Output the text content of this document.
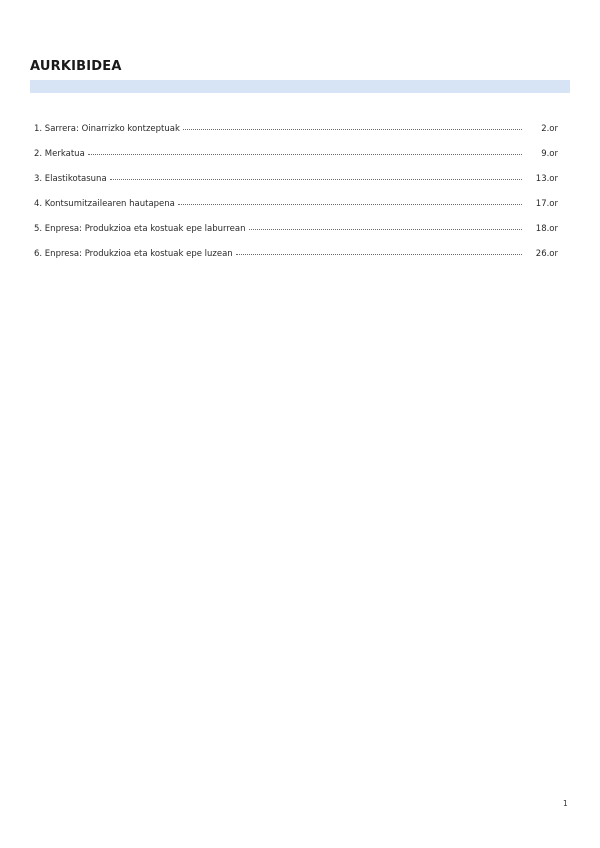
AURKIBIDEA
1. Sarrera: Oinarrizko kontzeptuak	2.or
2. Merkatua	9.or
3. Elastikotasuna	13.or
4. Kontsumitzailearen hautapena	17.or
5. Enpresa: Produkzioa eta kostuak epe laburrean	18.or
6. Enpresa: Produkzioa eta kostuak epe luzean	26.or
1
